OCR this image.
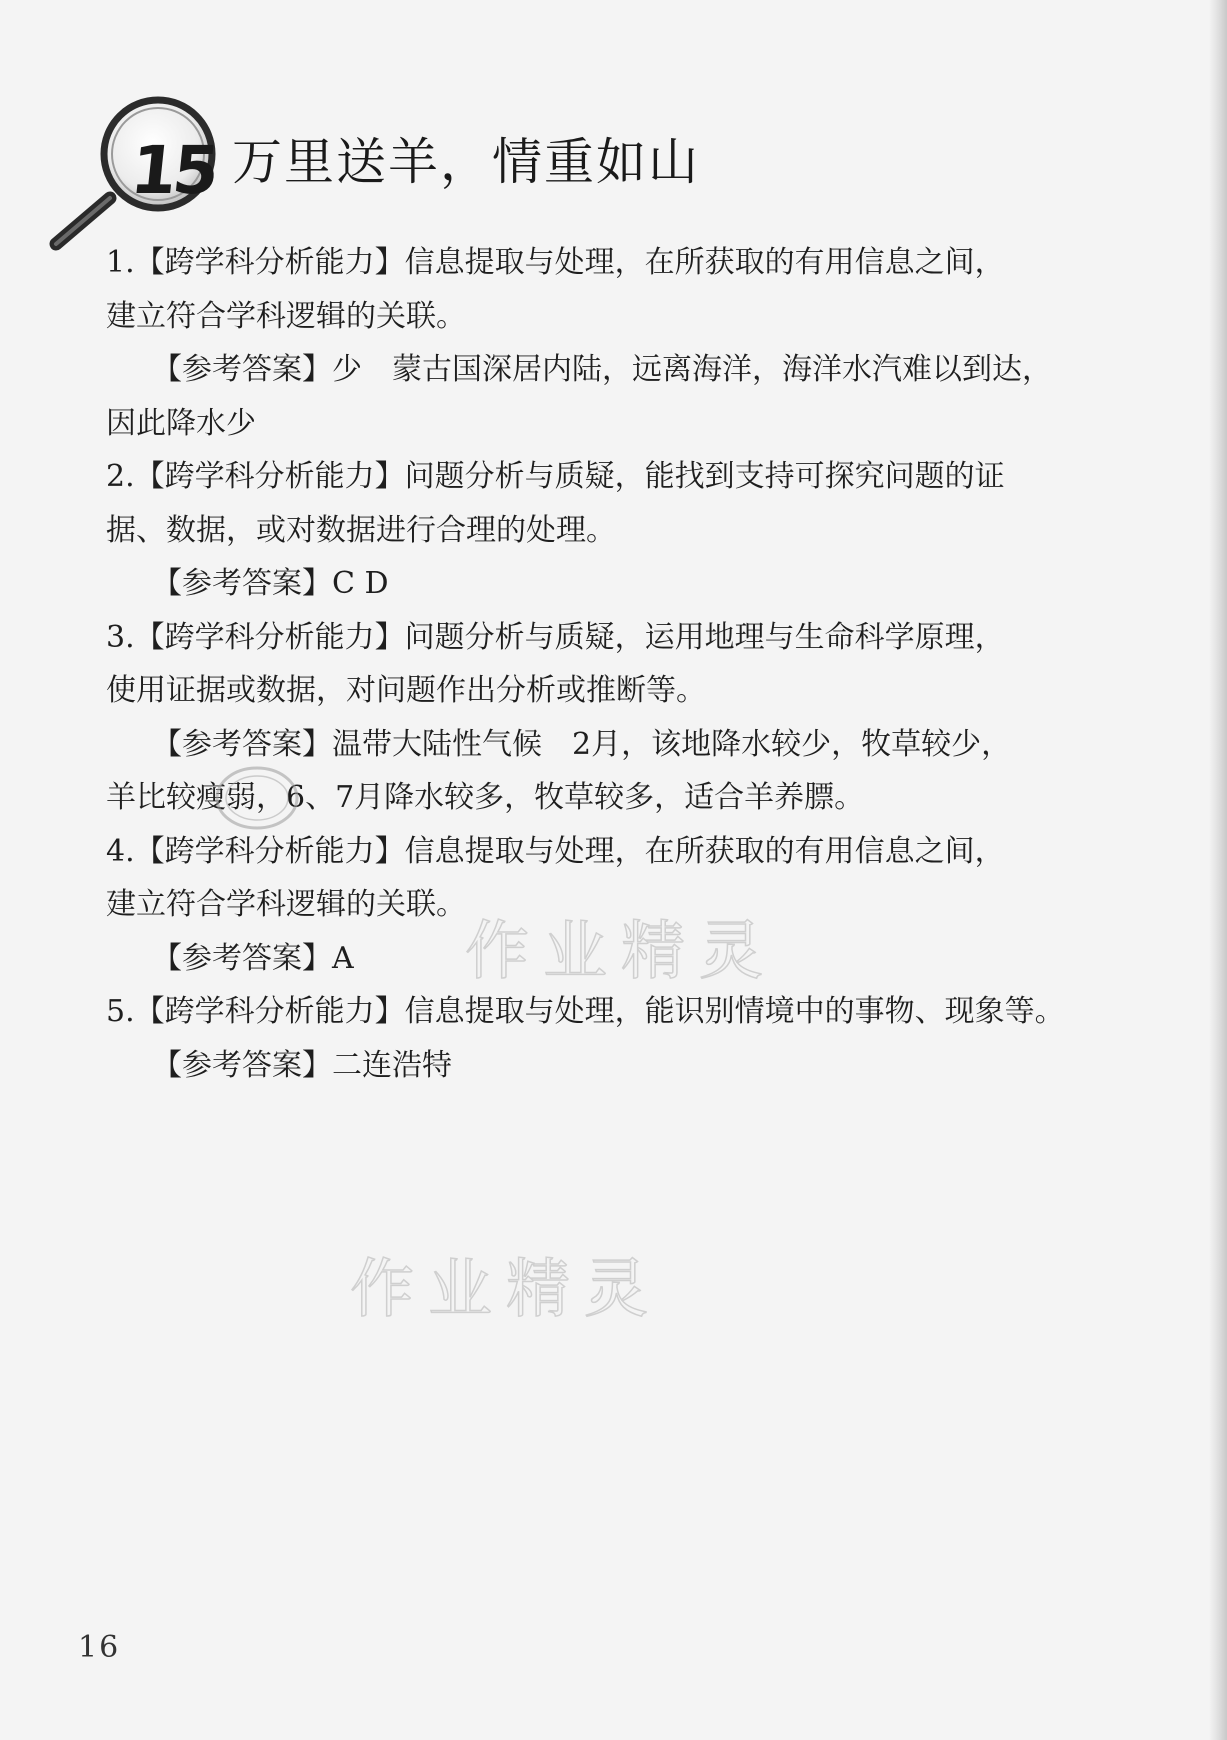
15 万里送羊，情重如山
1.【跨学科分析能力】信息提取与处理，在所获取的有用信息之间，
建立符合学科逻辑的关联。
【参考答案】少　蒙古国深居内陆，远离海洋，海洋水汽难以到达，
因此降水少
2.【跨学科分析能力】问题分析与质疑，能找到支持可探究问题的证
据、数据，或对数据进行合理的处理。
【参考答案】C D
3.【跨学科分析能力】问题分析与质疑，运用地理与生命科学原理，
使用证据或数据，对问题作出分析或推断等。
【参考答案】温带大陆性气候　2月，该地降水较少，牧草较少，
羊比较瘦弱，6、7月降水较多，牧草较多，适合羊养膘。
4.【跨学科分析能力】信息提取与处理，在所获取的有用信息之间，
建立符合学科逻辑的关联。
【参考答案】A
5.【跨学科分析能力】信息提取与处理，能识别情境中的事物、现象等。
【参考答案】二连浩特
作业精灵
作业精灵
16
